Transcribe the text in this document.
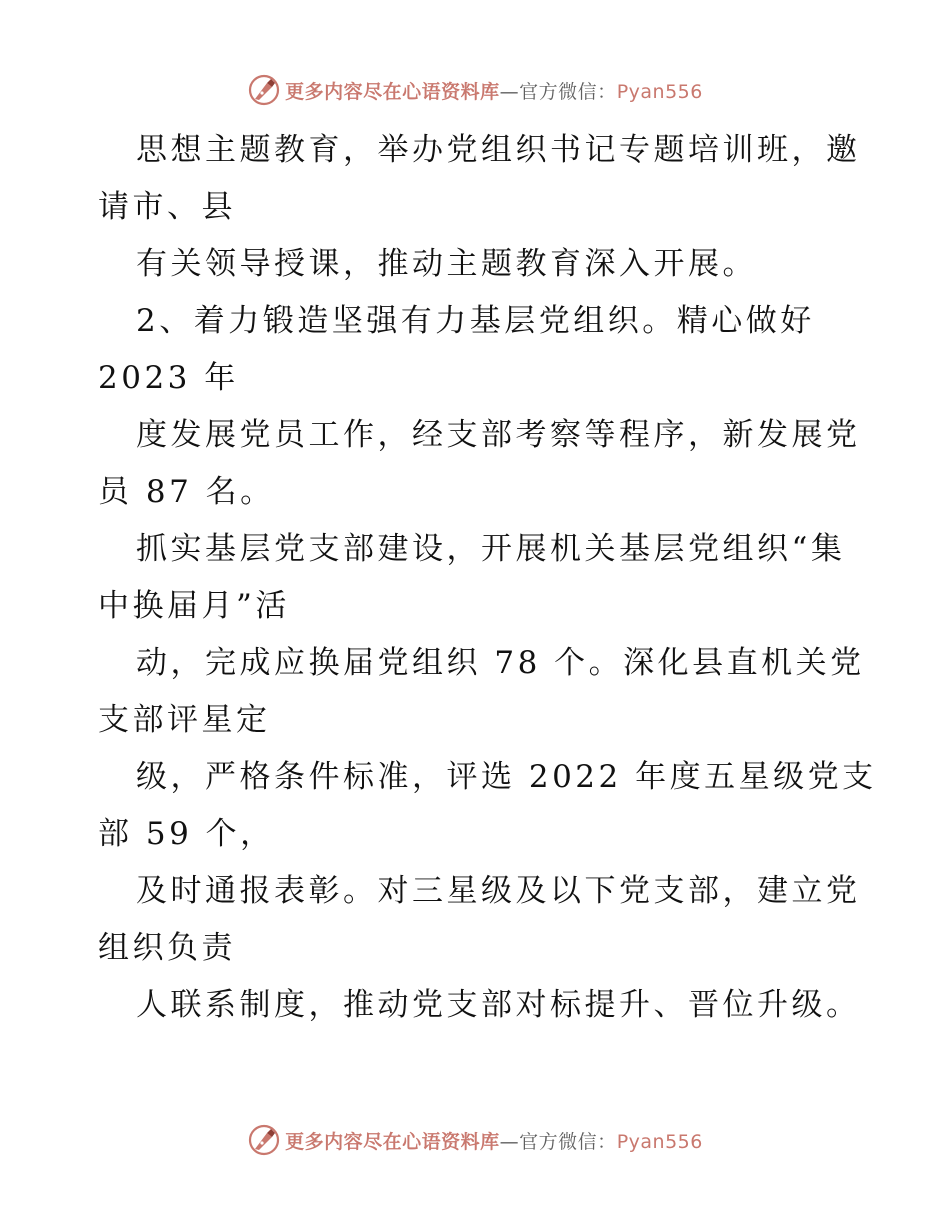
更多内容尽在心语资料库—官方微信：Pyan556

思想主题教育，举办党组织书记专题培训班，邀

请市、县

有关领导授课，推动主题教育深入开展。

2、着力锻造坚强有力基层党组织。精心做好

2023 年

度发展党员工作，经支部考察等程序，新发展党

员 87 名。

抓实基层党支部建设，开展机关基层党组织“集

中换届月”活

动，完成应换届党组织 78 个。深化县直机关党

支部评星定

级，严格条件标准，评选 2022 年度五星级党支

部 59 个，

及时通报表彰。对三星级及以下党支部，建立党

组织负责

人联系制度，推动党支部对标提升、晋位升级。

更多内容尽在心语资料库—官方微信：Pyan556
